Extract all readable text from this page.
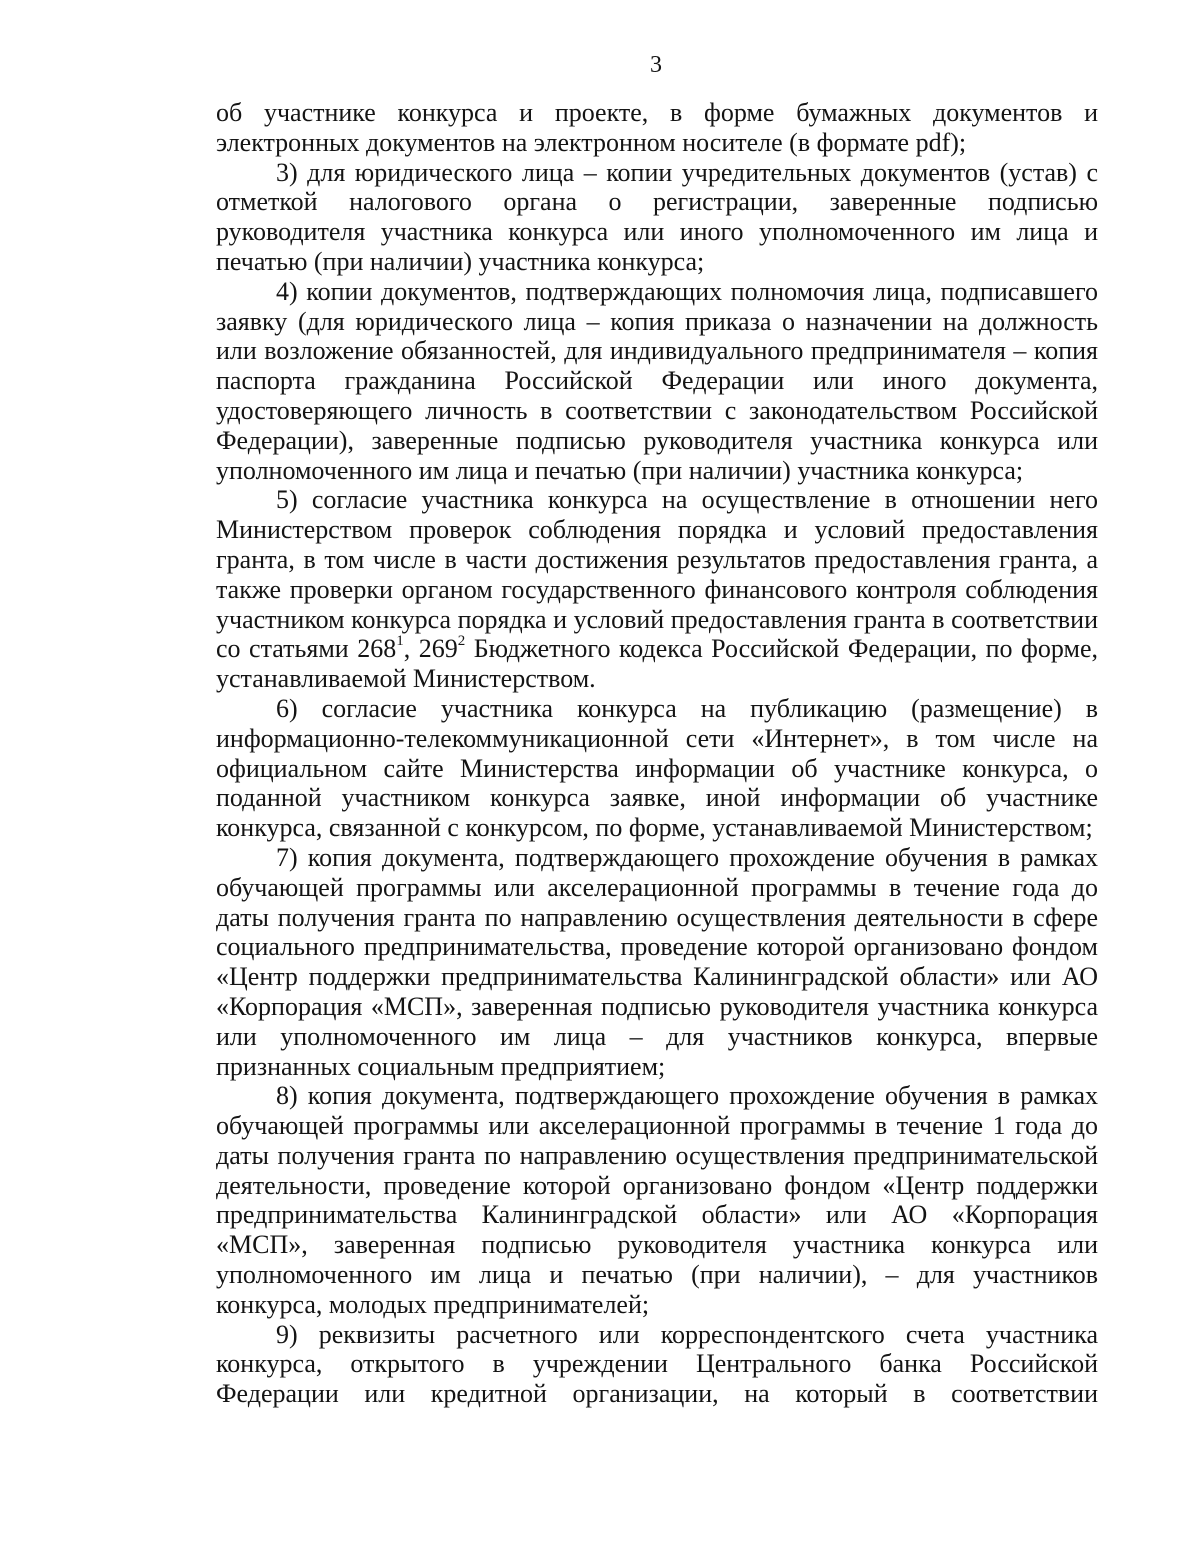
3

об участнике конкурса и проекте, в форме бумажных документов и электронных документов на электронном носителе (в формате pdf);

3) для юридического лица – копии учредительных документов (устав) с отметкой налогового органа о регистрации, заверенные подписью руководителя участника конкурса или иного уполномоченного им лица и печатью (при наличии) участника конкурса;

4) копии документов, подтверждающих полномочия лица, подписавшего заявку (для юридического лица – копия приказа о назначении на должность или возложение обязанностей, для индивидуального предпринимателя – копия паспорта гражданина Российской Федерации или иного документа, удостоверяющего личность в соответствии с законодательством Российской Федерации), заверенные подписью руководителя участника конкурса или уполномоченного им лица и печатью (при наличии) участника конкурса;

5) согласие участника конкурса на осуществление в отношении него Министерством проверок соблюдения порядка и условий предоставления гранта, в том числе в части достижения результатов предоставления гранта, а также проверки органом государственного финансового контроля соблюдения участником конкурса порядка и условий предоставления гранта в соответствии со статьями $268^1$, $269^2$ Бюджетного кодекса Российской Федерации, по форме, устанавливаемой Министерством.

6) согласие участника конкурса на публикацию (размещение) в информационно-телекоммуникационной сети «Интернет», в том числе на официальном сайте Министерства информации об участнике конкурса, о поданной участником конкурса заявке, иной информации об участнике конкурса, связанной с конкурсом, по форме, устанавливаемой Министерством;

7) копия документа, подтверждающего прохождение обучения в рамках обучающей программы или акселерационной программы в течение года до даты получения гранта по направлению осуществления деятельности в сфере социального предпринимательства, проведение которой организовано фондом «Центр поддержки предпринимательства Калининградской области» или АО «Корпорация «МСП», заверенная подписью руководителя участника конкурса или уполномоченного им лица – для участников конкурса, впервые признанных социальным предприятием;

8) копия документа, подтверждающего прохождение обучения в рамках обучающей программы или акселерационной программы в течение 1 года до даты получения гранта по направлению осуществления предпринимательской деятельности, проведение которой организовано фондом «Центр поддержки предпринимательства Калининградской области» или АО «Корпорация «МСП», заверенная подписью руководителя участника конкурса или уполномоченного им лица и печатью (при наличии), – для участников конкурса, молодых предпринимателей;

9) реквизиты расчетного или корреспондентского счета участника конкурса, открытого в учреждении Центрального банка Российской Федерации или кредитной организации, на который в соответствии
